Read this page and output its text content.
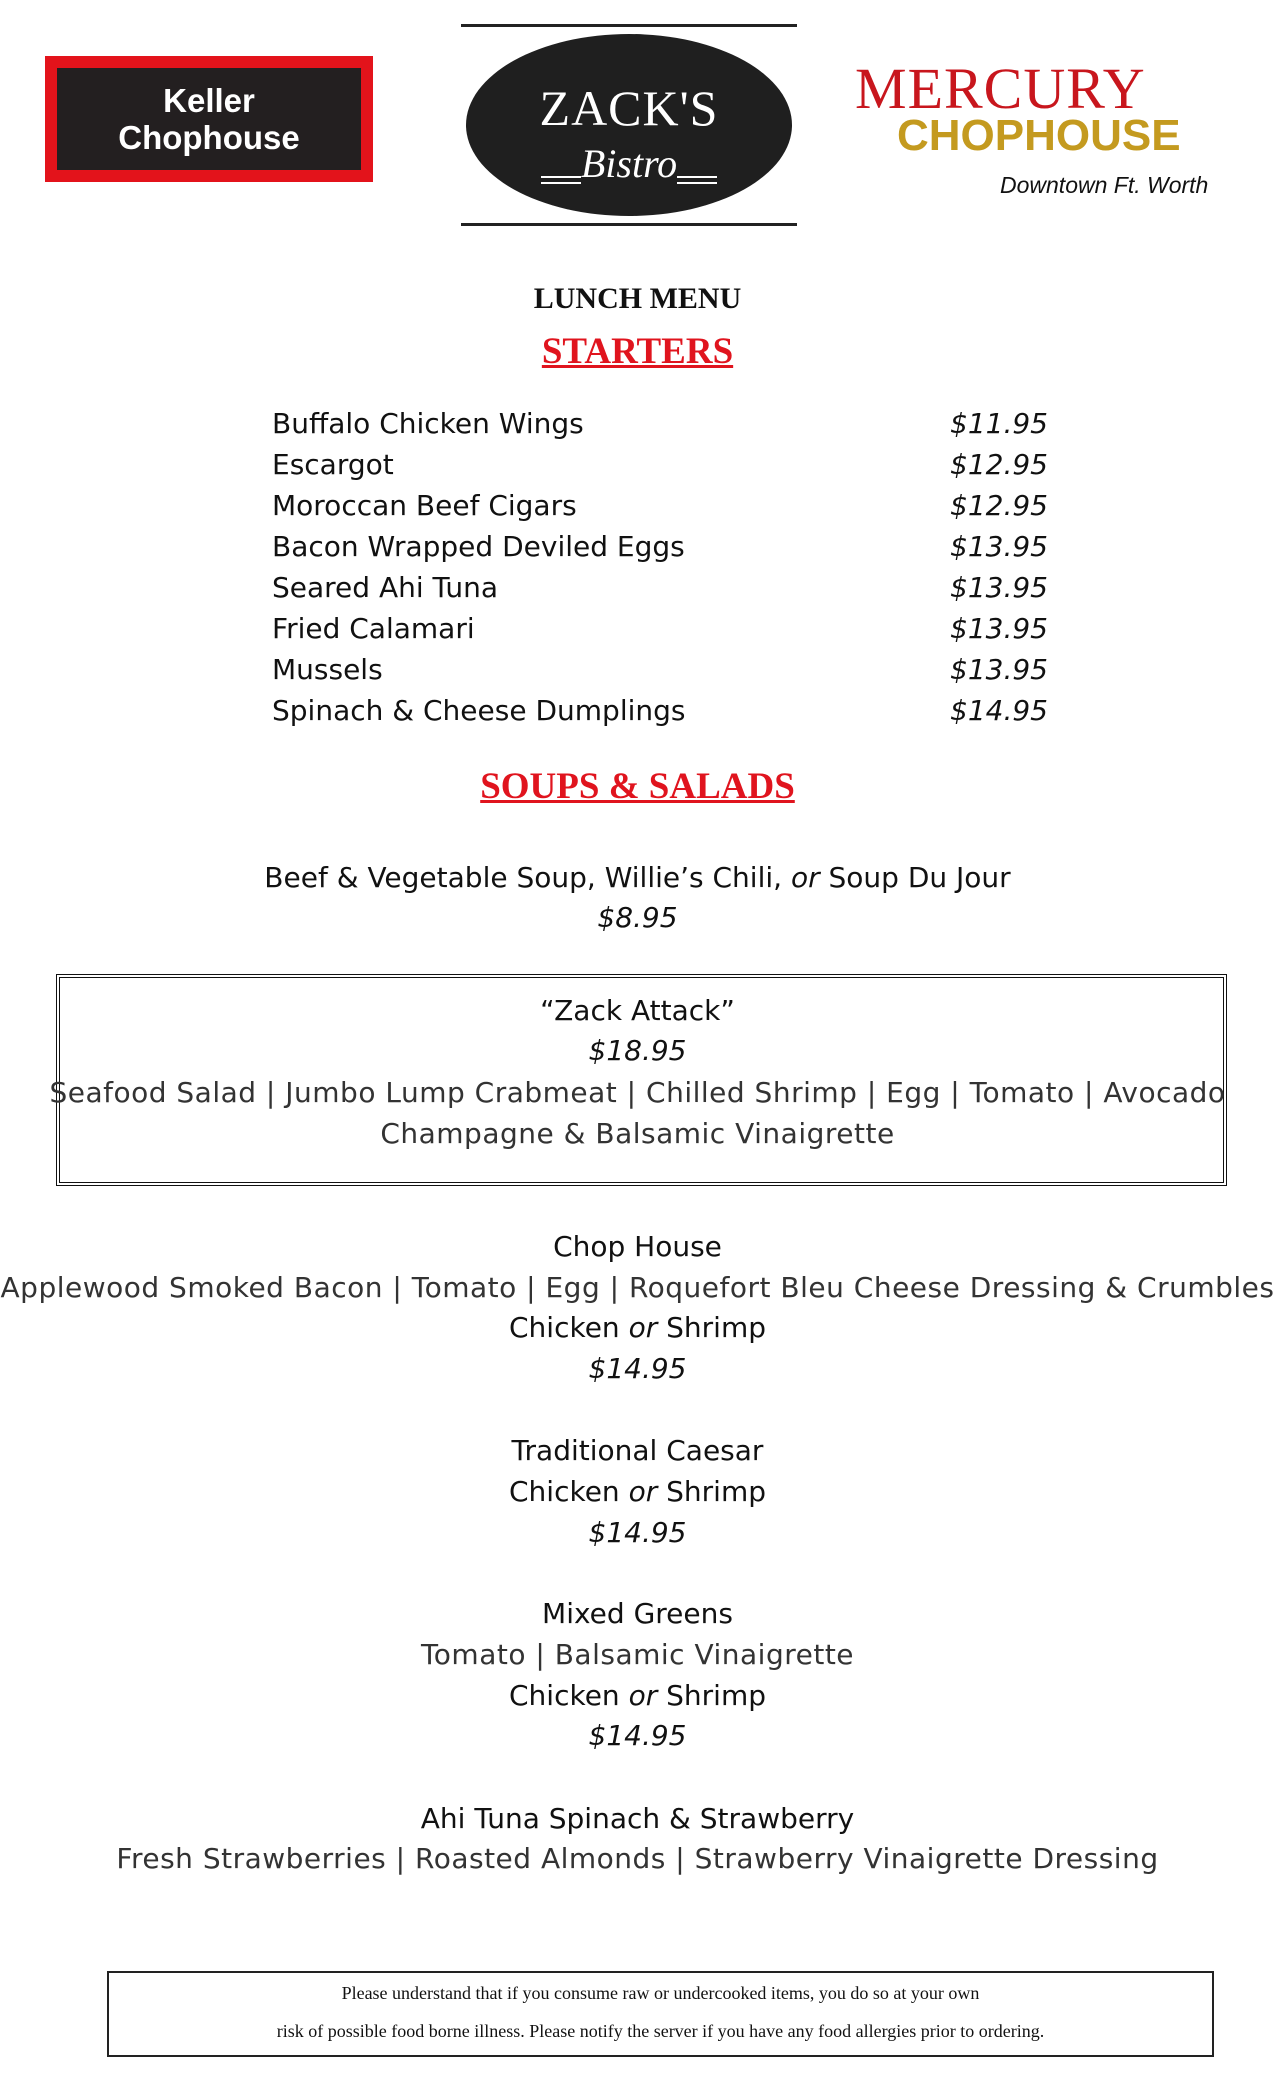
Keller
Chophouse
ZACK'S
Bistro
MERCURY
CHOPHOUSE
Downtown Ft. Worth
LUNCH MENU
STARTERS
Buffalo Chicken Wings	$11.95
Escargot	$12.95
Moroccan Beef Cigars	$12.95
Bacon Wrapped Deviled Eggs	$13.95
Seared Ahi Tuna	$13.95
Fried Calamari	$13.95
Mussels	$13.95
Spinach & Cheese Dumplings	$14.95
SOUPS & SALADS
Beef & Vegetable Soup, Willie’s Chili, or Soup Du Jour
$8.95
“Zack Attack”
$18.95
Seafood Salad | Jumbo Lump Crabmeat | Chilled Shrimp | Egg | Tomato | Avocado
Champagne & Balsamic Vinaigrette
Chop House
Applewood Smoked Bacon | Tomato | Egg | Roquefort Bleu Cheese Dressing & Crumbles
Chicken or Shrimp
$14.95
Traditional Caesar
Chicken or Shrimp
$14.95
Mixed Greens
Tomato | Balsamic Vinaigrette
Chicken or Shrimp
$14.95
Ahi Tuna Spinach & Strawberry
Fresh Strawberries | Roasted Almonds | Strawberry Vinaigrette Dressing
Please understand that if you consume raw or undercooked items, you do so at your own
risk of possible food borne illness. Please notify the server if you have any food allergies prior to ordering.
